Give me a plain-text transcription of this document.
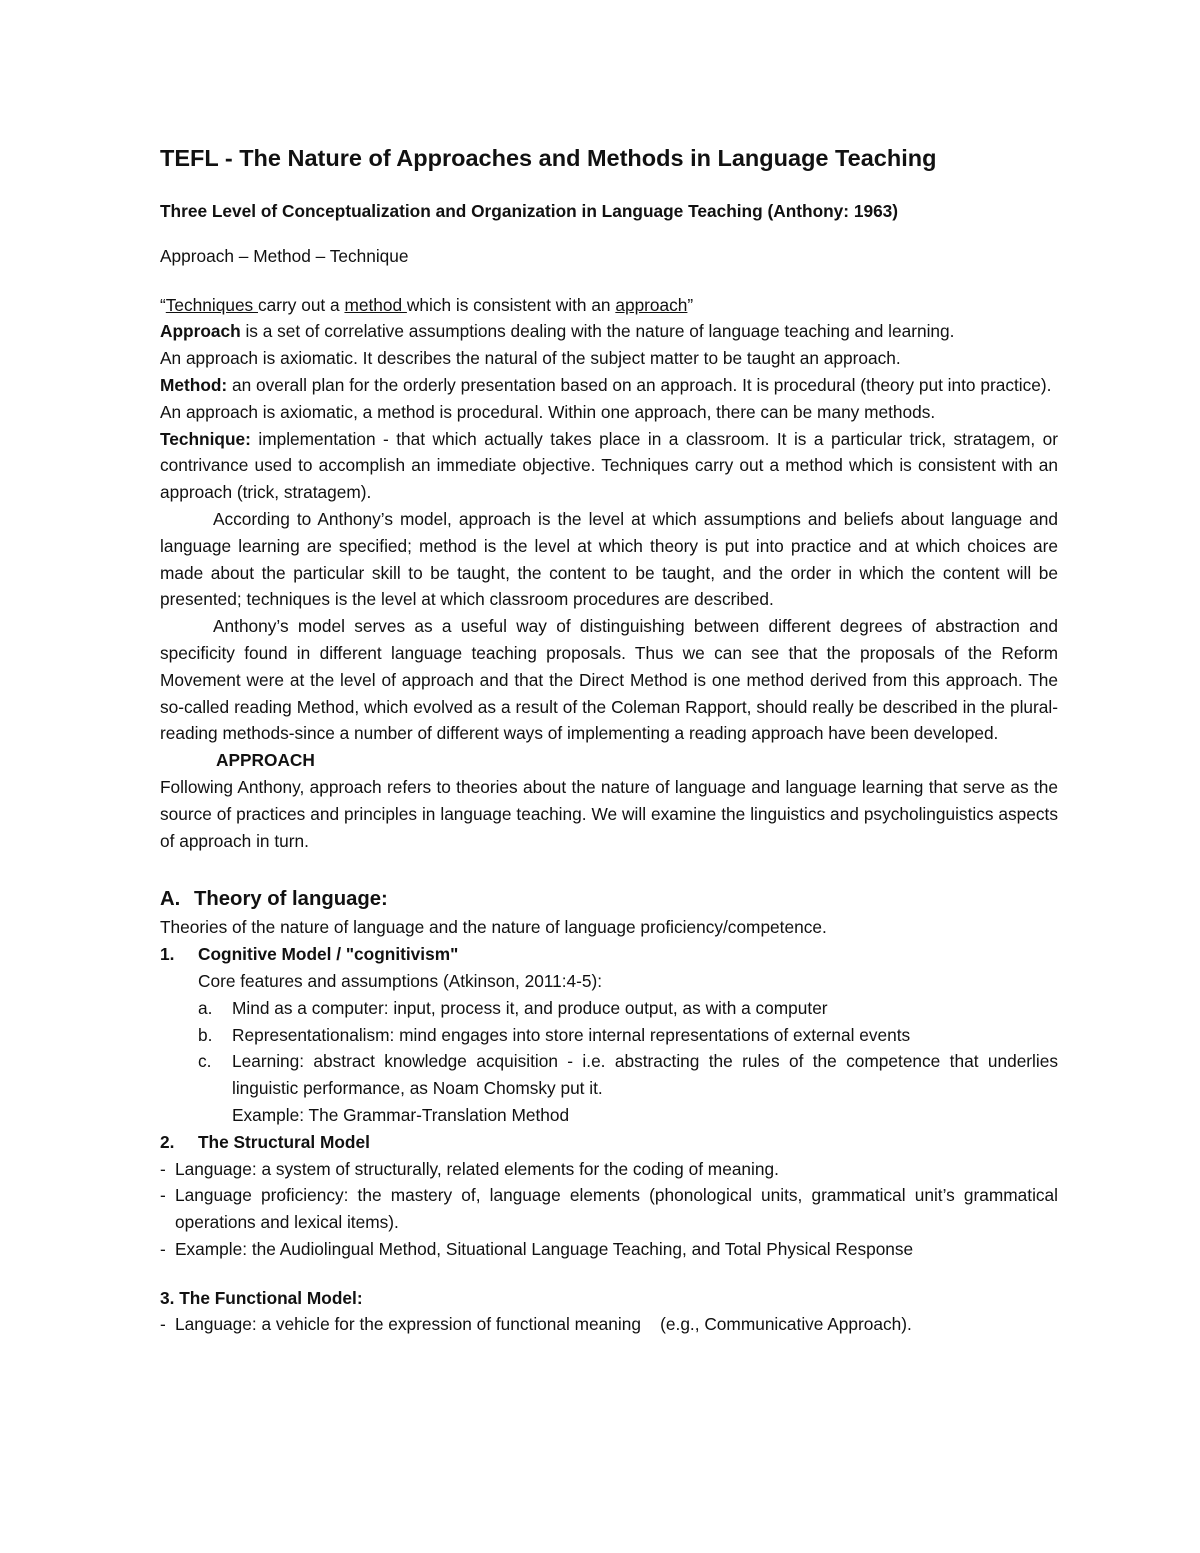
TEFL - The Nature of Approaches and Methods in Language Teaching
Three Level of Conceptualization and Organization in Language Teaching (Anthony: 1963)

Approach – Method – Technique

“Techniques carry out a method which is consistent with an approach”

Approach is a set of correlative assumptions dealing with the nature of language teaching and learning.

An approach is axiomatic. It describes the natural of the subject matter to be taught an approach.

Method: an overall plan for the orderly presentation based on an approach. It is procedural (theory put into practice). An approach is axiomatic, a method is procedural. Within one approach, there can be many methods.

Technique: implementation - that which actually takes place in a classroom. It is a particular trick, stratagem, or contrivance used to accomplish an immediate objective. Techniques carry out a method which is consistent with an approach (trick, stratagem).

According to Anthony’s model, approach is the level at which assumptions and beliefs about language and language learning are specified; method is the level at which theory is put into practice and at which choices are made about the particular skill to be taught, the content to be taught, and the order in which the content will be presented; techniques is the level at which classroom procedures are described.

Anthony’s model serves as a useful way of distinguishing between different degrees of abstraction and specificity found in different language teaching proposals. Thus we can see that the proposals of the Reform Movement were at the level of approach and that the Direct Method is one method derived from this approach. The so-called reading Method, which evolved as a result of the Coleman Rapport, should really be described in the plural-reading methods-since a number of different ways of implementing a reading approach have been developed.

APPROACH

Following Anthony, approach refers to theories about the nature of language and language learning that serve as the source of practices and principles in language teaching. We will examine the linguistics and psycholinguistics aspects of approach in turn.

A. Theory of language:

Theories of the nature of language and the nature of language proficiency/competence.

1.	Cognitive Model / "cognitivism"

Core features and assumptions (Atkinson, 2011:4-5):

a.	Mind as a computer: input, process it, and produce output, as with a computer
b.	Representationalism: mind engages into store internal representations of external events
c.	Learning: abstract knowledge acquisition - i.e. abstracting the rules of the competence that underlies linguistic performance, as Noam Chomsky put it.

Example: The Grammar-Translation Method

2.	The Structural Model
- Language: a system of structurally, related elements for the coding of meaning.
- Language proficiency: the mastery of, language elements (phonological units, grammatical unit’s grammatical operations and lexical items).
- Example: the Audiolingual Method, Situational Language Teaching, and Total Physical Response

3. The Functional Model:

- Language: a vehicle for the expression of functional meaning    (e.g., Communicative Approach).
